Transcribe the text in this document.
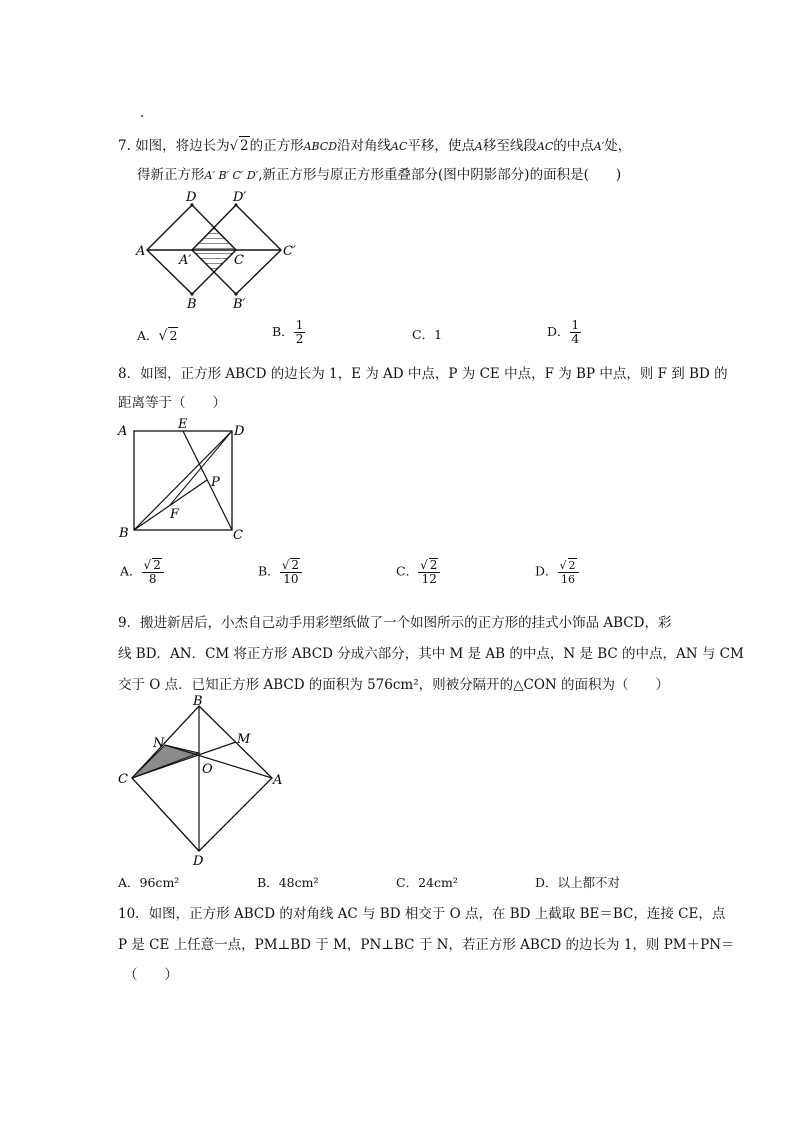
.
7. 如图，将边长为√ 2的正方形ABCD沿对角线AC平移，使点A移至线段AC的中点A′处，
得新正方形A′ B′ C′ D′,新正方形与原正方形重叠部分(图中阴影部分)的面积是(　　)
D	D′
A
A′	C
C′
B	B′
A．√ 2	B． $\frac{1}{2}$	C．1	D． $\frac{1}{4}$
8．如图，正方形 ABCD 的边长为 1，E 为 AD 中点，P 为 CE 中点，F 为 BP 中点，则 F 到 BD 的
距离等于（　　）
A	E	D
P
F
B	C
A． $\frac{√ 2}{8}$	B． $\frac{√ 2}{10}$	C． $\frac{√ 2}{12}$	D． $\frac{√ 2}{16}$
9．搬进新居后，小杰自己动手用彩塑纸做了一个如图所示的正方形的挂式小饰品 ABCD，彩
线 BD．AN．CM 将正方形 ABCD 分成六部分，其中 M 是 AB 的中点，N 是 BC 的中点，AN 与 CM
交于 O 点．已知正方形 ABCD 的面积为 576cm²，则被分隔开的△CON 的面积为（　　）
B
N	M
C
O
A
D
A．96cm²	B．48cm²	C．24cm²	D．以上都不对
10．如图，正方形 ABCD 的对角线 AC 与 BD 相交于 O 点，在 BD 上截取 BE＝BC，连接 CE，点
P 是 CE 上任意一点，PM⊥BD 于 M，PN⊥BC 于 N，若正方形 ABCD 的边长为 1，则 PM＋PN＝
（　　）
